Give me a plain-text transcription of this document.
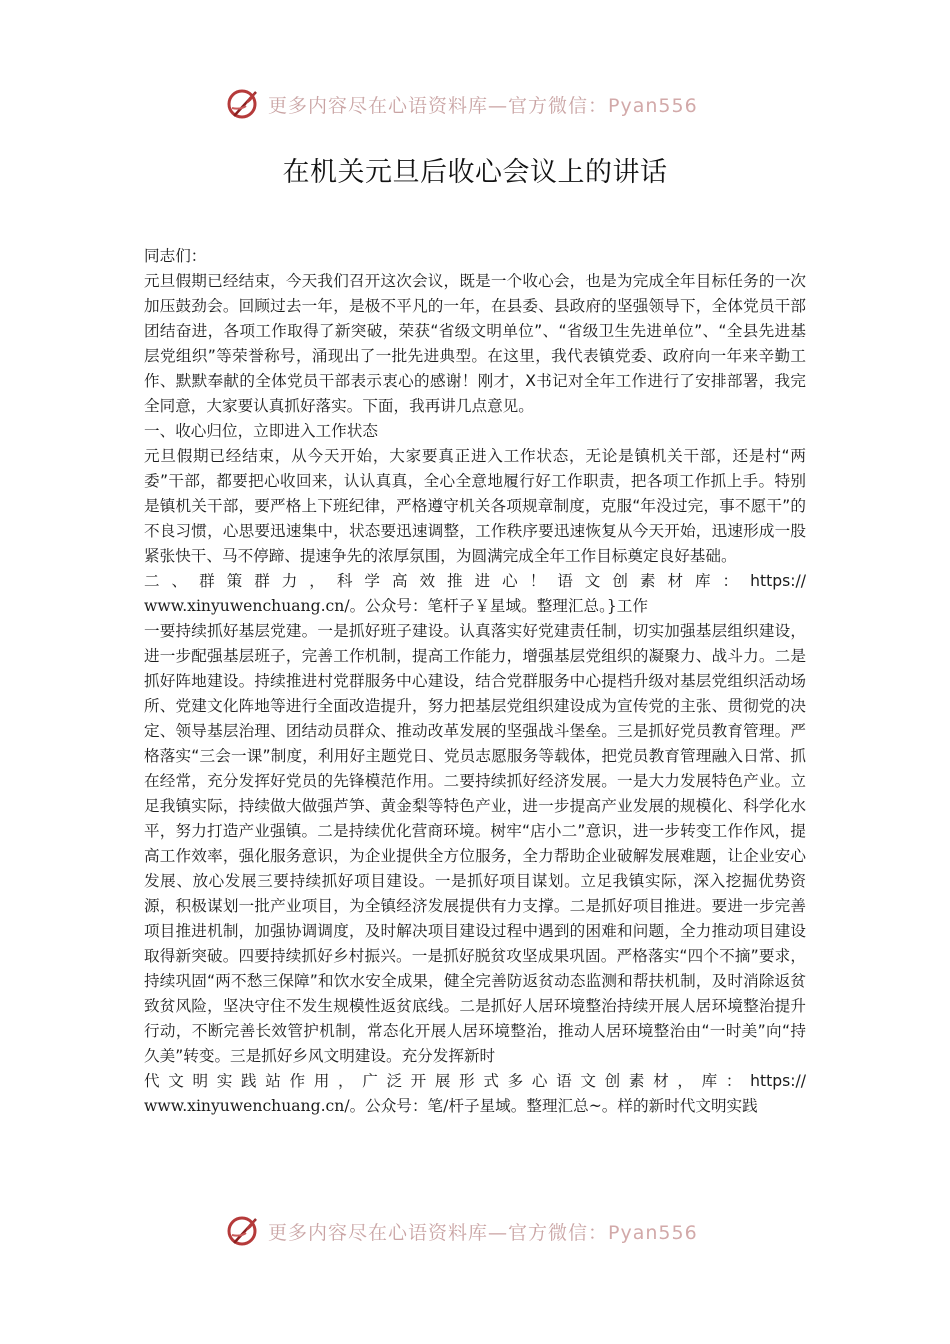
更多内容尽在心语资料库—官方微信：Pyan556
在机关元旦后收心会议上的讲话

同志们：

元旦假期已经结束，今天我们召开这次会议，既是一个收心会，也是为完成全年目标任务的一次加压鼓劲会。回顾过去一年，是极不平凡的一年，在县委、县政府的坚强领导下，全体党员干部团结奋进，各项工作取得了新突破，荣获“省级文明单位”、“省级卫生先进单位”、“全县先进基层党组织”等荣誉称号，涌现出了一批先进典型。在这里，我代表镇党委、政府向一年来辛勤工作、默默奉献的全体党员干部表示衷心的感谢！刚才，X书记对全年工作进行了安排部署，我完全同意，大家要认真抓好落实。下面，我再讲几点意见。

一、收心归位，立即进入工作状态

元旦假期已经结束，从今天开始，大家要真正进入工作状态，无论是镇机关干部，还是村“两委”干部，都要把心收回来，认认真真，全心全意地履行好工作职责，把各项工作抓上手。特别是镇机关干部，要严格上下班纪律，严格遵守机关各项规章制度，克服“年没过完，事不愿干”的不良习惯，心思要迅速集中，状态要迅速调整，工作秩序要迅速恢复从今天开始，迅速形成一股紧张快干、马不停蹄、提速争先的浓厚氛围，为圆满完成全年工作目标奠定良好基础。

二、群策群力，科学高效推进心！语文创素材库：https://

www.xinyuwenchuang.cn/。公众号：笔杆子￥星域。整理汇总。}工作

一要持续抓好基层党建。一是抓好班子建设。认真落实好党建责任制，切实加强基层组织建设，进一步配强基层班子，完善工作机制，提高工作能力，增强基层党组织的凝聚力、战斗力。二是抓好阵地建设。持续推进村党群服务中心建设，结合党群服务中心提档升级对基层党组织活动场所、党建文化阵地等进行全面改造提升，努力把基层党组织建设成为宣传党的主张、贯彻党的决定、领导基层治理、团结动员群众、推动改革发展的坚强战斗堡垒。三是抓好党员教育管理。严格落实“三会一课”制度，利用好主题党日、党员志愿服务等载体，把党员教育管理融入日常、抓在经常，充分发挥好党员的先锋模范作用。二要持续抓好经济发展。一是大力发展特色产业。立足我镇实际，持续做大做强芦笋、黄金梨等特色产业，进一步提高产业发展的规模化、科学化水平，努力打造产业强镇。二是持续优化营商环境。树牢“店小二”意识，进一步转变工作作风，提高工作效率，强化服务意识，为企业提供全方位服务，全力帮助企业破解发展难题，让企业安心发展、放心发展三要持续抓好项目建设。一是抓好项目谋划。立足我镇实际，深入挖掘优势资源，积极谋划一批产业项目，为全镇经济发展提供有力支撑。二是抓好项目推进。要进一步完善项目推进机制，加强协调调度，及时解决项目建设过程中遇到的困难和问题，全力推动项目建设取得新突破。四要持续抓好乡村振兴。一是抓好脱贫攻坚成果巩固。严格落实“四个不摘”要求，持续巩固“两不愁三保障”和饮水安全成果，健全完善防返贫动态监测和帮扶机制，及时消除返贫致贫风险，坚决守住不发生规模性返贫底线。二是抓好人居环境整治持续开展人居环境整治提升行动，不断完善长效管护机制，常态化开展人居环境整治，推动人居环境整治由“一时美”向“持久美”转变。三是抓好乡风文明建设。充分发挥新时

代文明实践站作用，广泛开展形式多心语文创素材，库：https://

www.xinyuwenchuang.cn/。公众号：笔/杆子星域。整理汇总~。样的新时代文明实践

更多内容尽在心语资料库—官方微信：Pyan556
